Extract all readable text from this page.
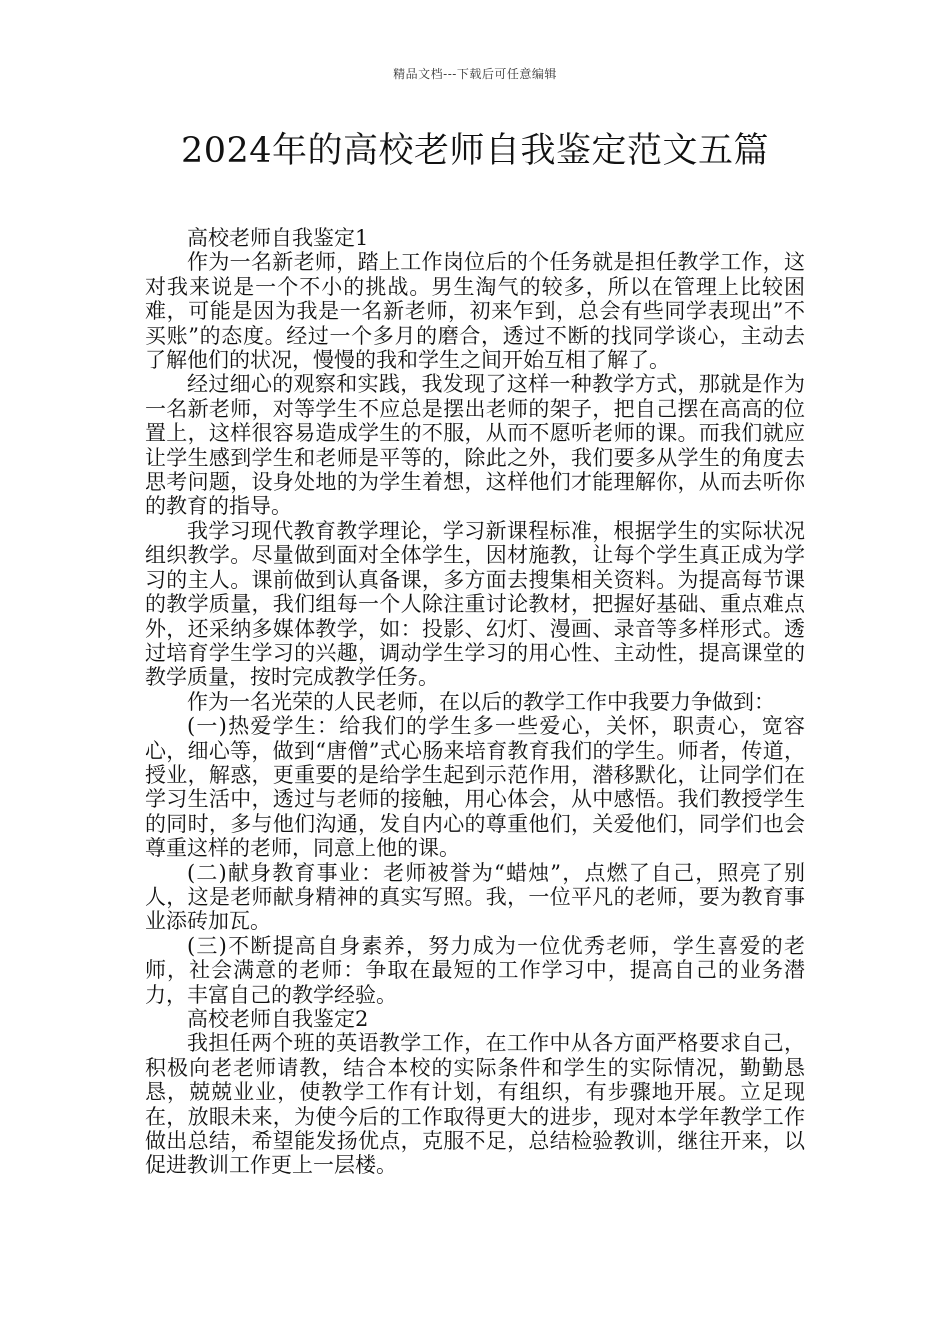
精品文档---下载后可任意编辑
2024年的高校老师自我鉴定范文五篇

高校老师自我鉴定1

作为一名新老师，踏上工作岗位后的个任务就是担任教学工作，这对我来说是一个不小的挑战。男生淘气的较多，所以在管理上比较困难，可能是因为我是一名新老师，初来乍到，总会有些同学表现出”不买账”的态度。经过一个多月的磨合，透过不断的找同学谈心，主动去了解他们的状况，慢慢的我和学生之间开始互相了解了。

经过细心的观察和实践，我发现了这样一种教学方式，那就是作为一名新老师，对等学生不应总是摆出老师的架子，把自己摆在高高的位置上，这样很容易造成学生的不服，从而不愿听老师的课。而我们就应让学生感到学生和老师是平等的，除此之外，我们要多从学生的角度去思考问题，设身处地的为学生着想，这样他们才能理解你，从而去听你的教育的指导。

我学习现代教育教学理论，学习新课程标准，根据学生的实际状况组织教学。尽量做到面对全体学生，因材施教，让每个学生真正成为学习的主人。课前做到认真备课，多方面去搜集相关资料。为提高每节课的教学质量，我们组每一个人除注重讨论教材，把握好基础、重点难点外，还采纳多媒体教学，如：投影、幻灯、漫画、录音等多样形式。透过培育学生学习的兴趣，调动学生学习的用心性、主动性，提高课堂的教学质量，按时完成教学任务。

作为一名光荣的人民老师，在以后的教学工作中我要力争做到：

(一)热爱学生：给我们的学生多一些爱心，关怀，职责心，宽容心，细心等，做到“唐僧”式心肠来培育教育我们的学生。师者，传道，授业，解惑，更重要的是给学生起到示范作用，潜移默化，让同学们在学习生活中，透过与老师的接触，用心体会，从中感悟。我们教授学生的同时，多与他们沟通，发自内心的尊重他们，关爱他们，同学们也会尊重这样的老师，同意上他的课。

(二)献身教育事业：老师被誉为“蜡烛”，点燃了自己，照亮了别人，这是老师献身精神的真实写照。我，一位平凡的老师，要为教育事业添砖加瓦。

(三)不断提高自身素养，努力成为一位优秀老师，学生喜爱的老师，社会满意的老师：争取在最短的工作学习中，提高自己的业务潜力，丰富自己的教学经验。

高校老师自我鉴定2

我担任两个班的英语教学工作，在工作中从各方面严格要求自己，积极向老老师请教，结合本校的实际条件和学生的实际情况，勤勤恳恳，兢兢业业，使教学工作有计划，有组织，有步骤地开展。立足现在，放眼未来，为使今后的工作取得更大的进步，现对本学年教学工作做出总结，希望能发扬优点，克服不足，总结检验教训，继往开来，以促进教训工作更上一层楼。
